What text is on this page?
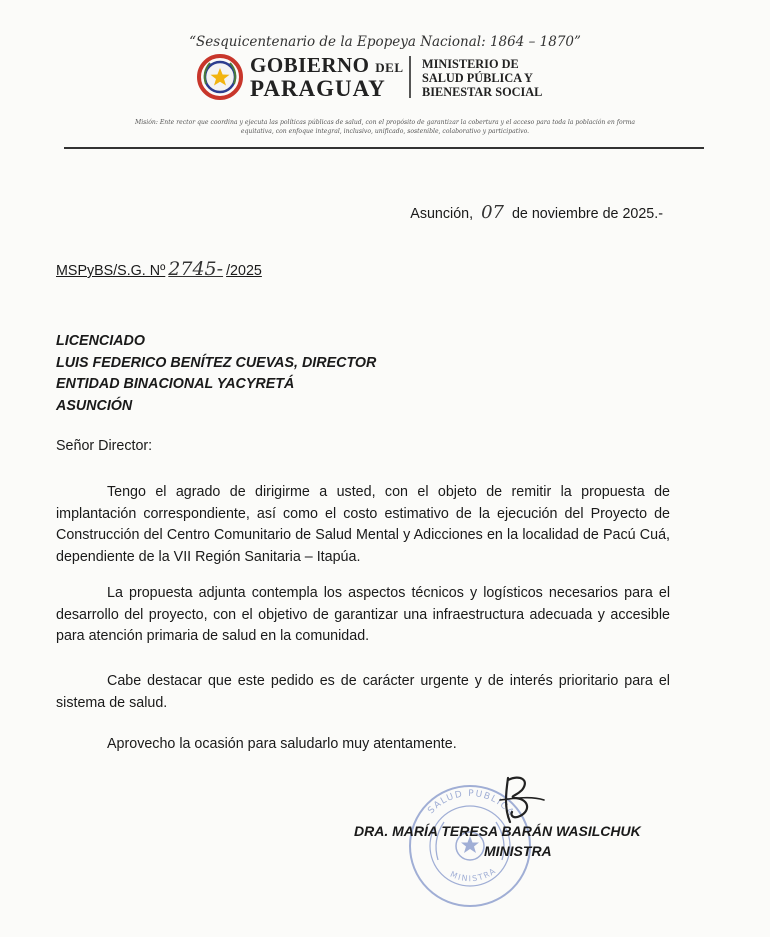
“Sesquicentenario de la Epopeya Nacional: 1864 – 1870”
GOBIERNO DEL
PARAGUAY
MINISTERIO DE
SALUD PÚBLICA Y
BIENESTAR SOCIAL
Misión: Ente rector que coordina y ejecuta las políticas públicas de salud, con el propósito de garantizar la cobertura y el acceso para toda la población en forma
equitativa, con enfoque integral, inclusivo, unificado, sostenible, colaborativo y participativo.
Asunción, 07 de noviembre de 2025.-
MSPyBS/S.G. Nº 2745- /2025
LICENCIADO
LUIS FEDERICO BENÍTEZ CUEVAS, DIRECTOR
ENTIDAD BINACIONAL YACYRETÁ
ASUNCIÓN
Señor Director:

Tengo el agrado de dirigirme a usted, con el objeto de remitir la propuesta de implantación correspondiente, así como el costo estimativo de la ejecución del Proyecto de Construcción del Centro Comunitario de Salud Mental y Adicciones en la localidad de Pacú Cuá, dependiente de la VII Región Sanitaria – Itapúa.

La propuesta adjunta contempla los aspectos técnicos y logísticos necesarios para el desarrollo del proyecto, con el objetivo de garantizar una infraestructura adecuada y accesible para atención primaria de salud en la comunidad.

Cabe destacar que este pedido es de carácter urgente y de interés prioritario para el sistema de salud.

Aprovecho la ocasión para saludarlo muy atentamente.

SALUD PUBLICA
MINISTRA
DRA. MARÍA TERESA BARÁN WASILCHUK
MINISTRA
